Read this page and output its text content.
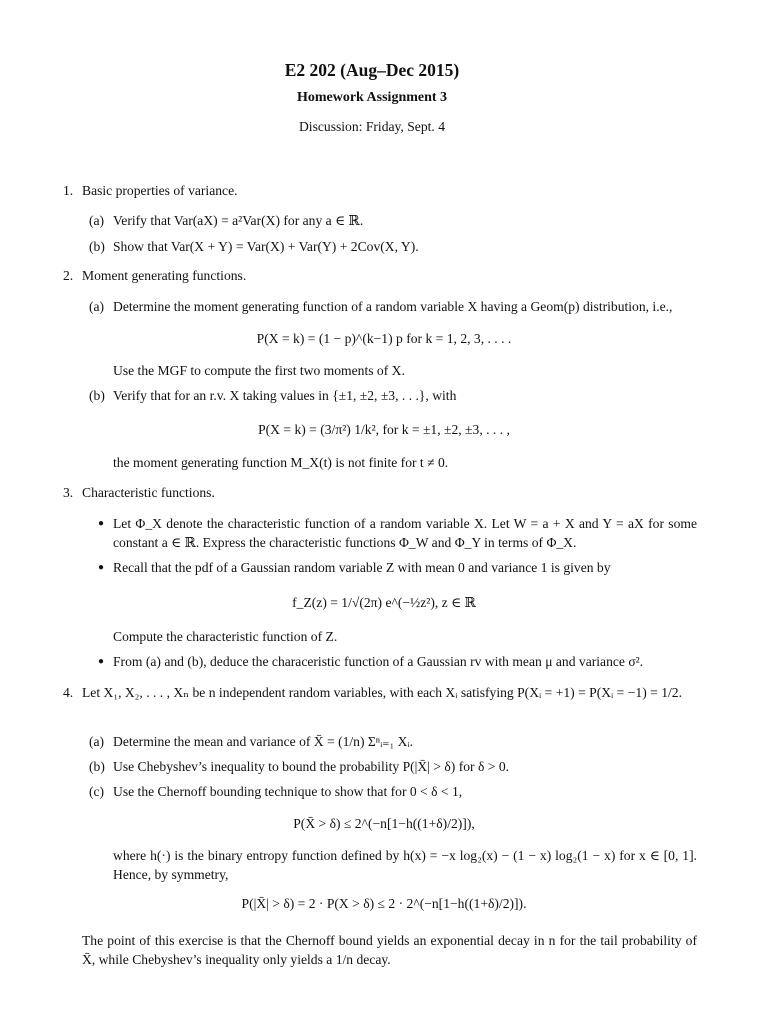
E2 202 (Aug–Dec 2015)
Homework Assignment 3
Discussion: Friday, Sept. 4
1. Basic properties of variance.
(a) Verify that Var(aX) = a²Var(X) for any a ∈ ℝ.
(b) Show that Var(X + Y) = Var(X) + Var(Y) + 2Cov(X, Y).
2. Moment generating functions.
(a) Determine the moment generating function of a random variable X having a Geom(p) distribution, i.e.,
P(X = k) = (1 − p)^(k−1) p for k = 1, 2, 3, . . . .
Use the MGF to compute the first two moments of X.
(b) Verify that for an r.v. X taking values in {±1, ±2, ±3, . . .}, with
P(X = k) = (3/π²) 1/k², for k = ±1, ±2, ±3, . . . ,
the moment generating function M_X(t) is not finite for t ≠ 0.
3. Characteristic functions.
● Let Φ_X denote the characteristic function of a random variable X. Let W = a + X and Y = aX for some constant a ∈ ℝ. Express the characteristic functions Φ_W and Φ_Y in terms of Φ_X.
● Recall that the pdf of a Gaussian random variable Z with mean 0 and variance 1 is given by
f_Z(z) = 1/√(2π) e^(−½z²), z ∈ ℝ
Compute the characteristic function of Z.
● From (a) and (b), deduce the characeristic function of a Gaussian rv with mean μ and variance σ².
4. Let X₁, X₂, . . . , Xₙ be n independent random variables, with each Xᵢ satisfying P(Xᵢ = +1) = P(Xᵢ = −1) = 1/2.
(a) Determine the mean and variance of X̄ = (1/n) Σⁿᵢ₌₁ Xᵢ.
(b) Use Chebyshev’s inequality to bound the probability P(|X̄| > δ) for δ > 0.
(c) Use the Chernoff bounding technique to show that for 0 < δ < 1,
P(X̄ > δ) ≤ 2^(−n[1−h((1+δ)/2)]),
where h(·) is the binary entropy function defined by h(x) = −x log₂(x) − (1 − x) log₂(1 − x) for x ∈ [0, 1]. Hence, by symmetry,
P(|X̄| > δ) = 2 · P(X > δ) ≤ 2 · 2^(−n[1−h((1+δ)/2)]).
The point of this exercise is that the Chernoff bound yields an exponential decay in n for the tail probability of X̄, while Chebyshev’s inequality only yields a 1/n decay.
